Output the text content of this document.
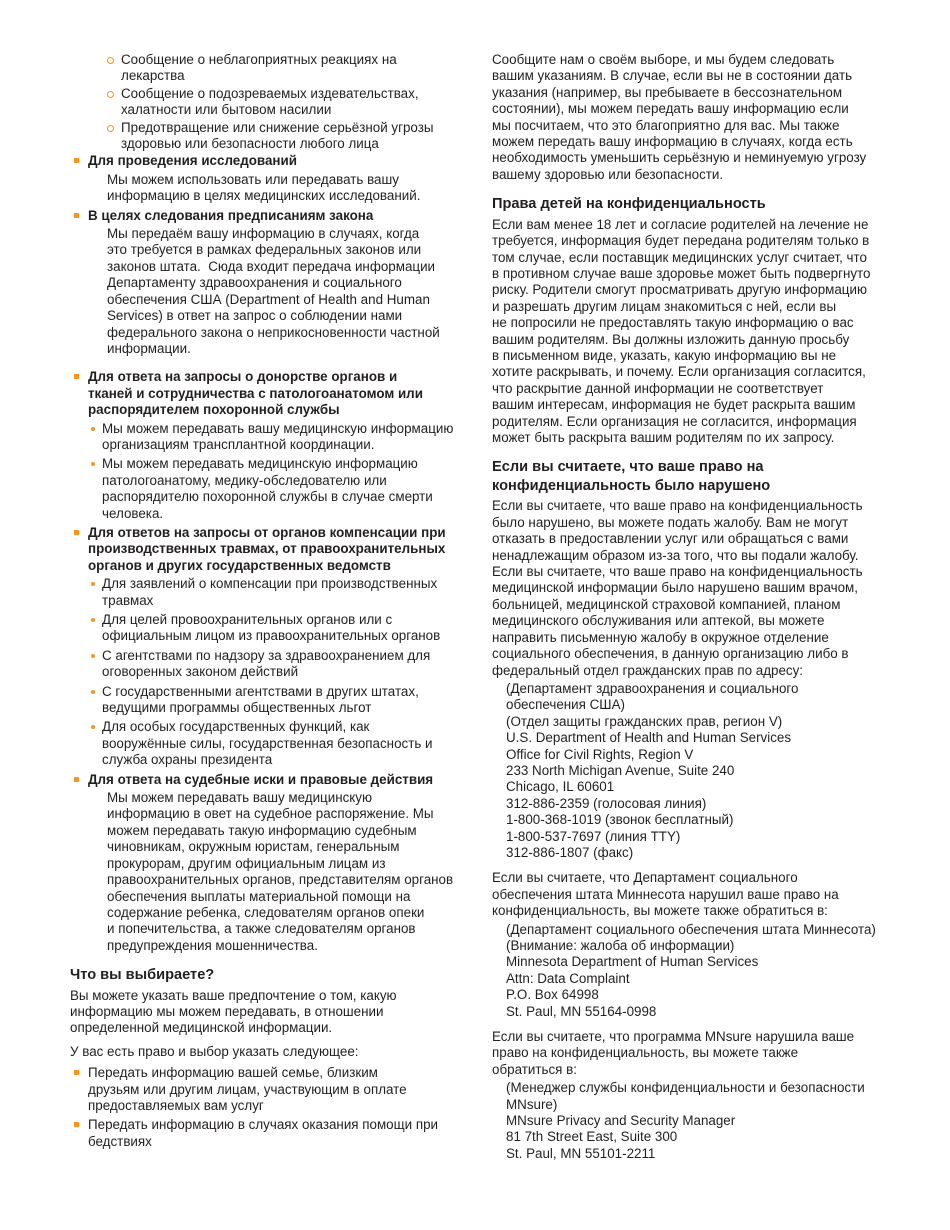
Сообщение о неблагоприятных реакциях на
лекарства
Сообщение о подозреваемых издевательствах,
халатности или бытовом насилии
Предотвращение или снижение серьёзной угрозы
здоровью или безопасности любого лица
Для проведения исследований
Мы можем использовать или передавать вашу
информацию в целях медицинских исследований.
В целях следования предписаниям закона
Мы передаём вашу информацию в случаях, когда
это требуется в рамках федеральных законов или
законов штата.  Сюда входит передача информации
Департаменту здравоохранения и социального
обеспечения США (Department of Health and Human
Services) в ответ на запрос о соблюдении нами
федерального закона о неприкосновенности частной
информации.
Для ответа на запросы о донорстве органов и
тканей и сотрудничества с патологоанатомом или
распорядителем похоронной службы
Мы можем передавать вашу медицинскую информацию
организациям трансплантной координации.
Мы можем передавать медицинскую информацию
патологоанатому, медику-обследователю или
распорядителю похоронной службы в случае смерти
человека.
Для ответов на запросы от органов компенсации при
производственных травмах, от правоохранительных
органов и других государственных ведомств
Для заявлений о компенсации при производственных
травмах
Для целей провоохранительных органов или с
официальным лицом из правоохранительных органов
С агентствами по надзору за здравоохранением для
оговоренных законом действий
С государственными агентствами в других штатах,
ведущими программы общественных льгот
Для особых государственных функций, как
вооружённые силы, государственная безопасность и
служба охраны президента
Для ответа на судебные иски и правовые действия
Мы можем передавать вашу медицинскую
информацию в овет на судебное распоряжение. Мы
можем передавать такую информацию судебным
чиновникам, окружным юристам, генеральным
прокурорам, другим официальным лицам из
правоохранительных органов, представителям органов
обеспечения выплаты материальной помощи на
содержание ребенка, следователям органов опеки
и попечительства, а также следователям органов
предупреждения мошенничества.
Что вы выбираете?

Вы можете указать ваше предпочтение о том, какую
информацию мы можем передавать, в отношении
определенной медицинской информации.

У вас есть право и выбор указать следующее:

Передать информацию вашей семье, близким
друзьям или другим лицам, участвующим в оплате
предоставляемых вам услуг
Передать информацию в случаях оказания помощи при
бедствиях

Сообщите нам о своём выборе, и мы будем следовать
вашим указаниям. В случае, если вы не в состоянии дать
указания (например, вы пребываете в бессознательном
состоянии), мы можем передать вашу информацию если
мы посчитаем, что это благоприятно для вас. Мы также
можем передать вашу информацию в случаях, когда есть
необходимость уменьшить серьёзную и неминуемую угрозу
вашему здоровью или безопасности.

Права детей на конфиденциальность

Если вам менее 18 лет и согласие родителей на лечение не
требуется, информация будет передана родителям только в
том случае, если поставщик медицинских услуг считает, что
в противном случае ваше здоровье может быть подвергнуто
риску. Родители смогут просматривать другую информацию
и разрешать другим лицам знакомиться с ней, если вы
не попросили не предоставлять такую информацию о вас
вашим родителям. Вы должны изложить данную просьбу
в письменном виде, указать, какую информацию вы не
хотите раскрывать, и почему. Если организация согласится,
что раскрытие данной информации не соответствует
вашим интересам, информация не будет раскрыта вашим
родителям. Если организация не согласится, информация
может быть раскрыта вашим родителям по их запросу.

Если вы считаете, что ваше право на
конфиденциальность было нарушено

Если вы считаете, что ваше право на конфиденциальность
было нарушено, вы можете подать жалобу. Вам не могут
отказать в предоставлении услуг или обращаться с вами
ненадлежащим образом из-за того, что вы подали жалобу.
Если вы считаете, что ваше право на конфиденциальность
медицинской информации было нарушено вашим врачом,
больницей, медицинской страховой компанией, планом
медицинского обслуживания или аптекой, вы можете
направить письменную жалобу в окружное отделение
социального обеспечения, в данную организацию либо в
федеральный отдел гражданских прав по адресу:

(Департамент здравоохранения и социального
обеспечения США)
(Отдел защиты гражданских прав, регион V)
U.S. Department of Health and Human Services
Office for Civil Rights, Region V
233 North Michigan Avenue, Suite 240
Chicago, IL 60601
312-886-2359 (голосовая линия)
1-800-368-1019 (звонок бесплатный)
1-800-537-7697 (линия TTY)
312-886-1807 (факс)

Если вы считаете, что Департамент социального
обеспечения штата Миннесота нарушил ваше право на
конфиденциальность, вы можете также обратиться в:

(Департамент социального обеспечения штата Миннесота)
(Внимание: жалоба об информации)
Minnesota Department of Human Services
Attn: Data Complaint
P.O. Box 64998
St. Paul, MN 55164-0998

Если вы считаете, что программа MNsure нарушила ваше
право на конфиденциальность, вы можете также
обратиться в:

(Менеджер службы конфиденциальности и безопасности
MNsure)
MNsure Privacy and Security Manager
81 7th Street East, Suite 300
St. Paul, MN 55101-2211
